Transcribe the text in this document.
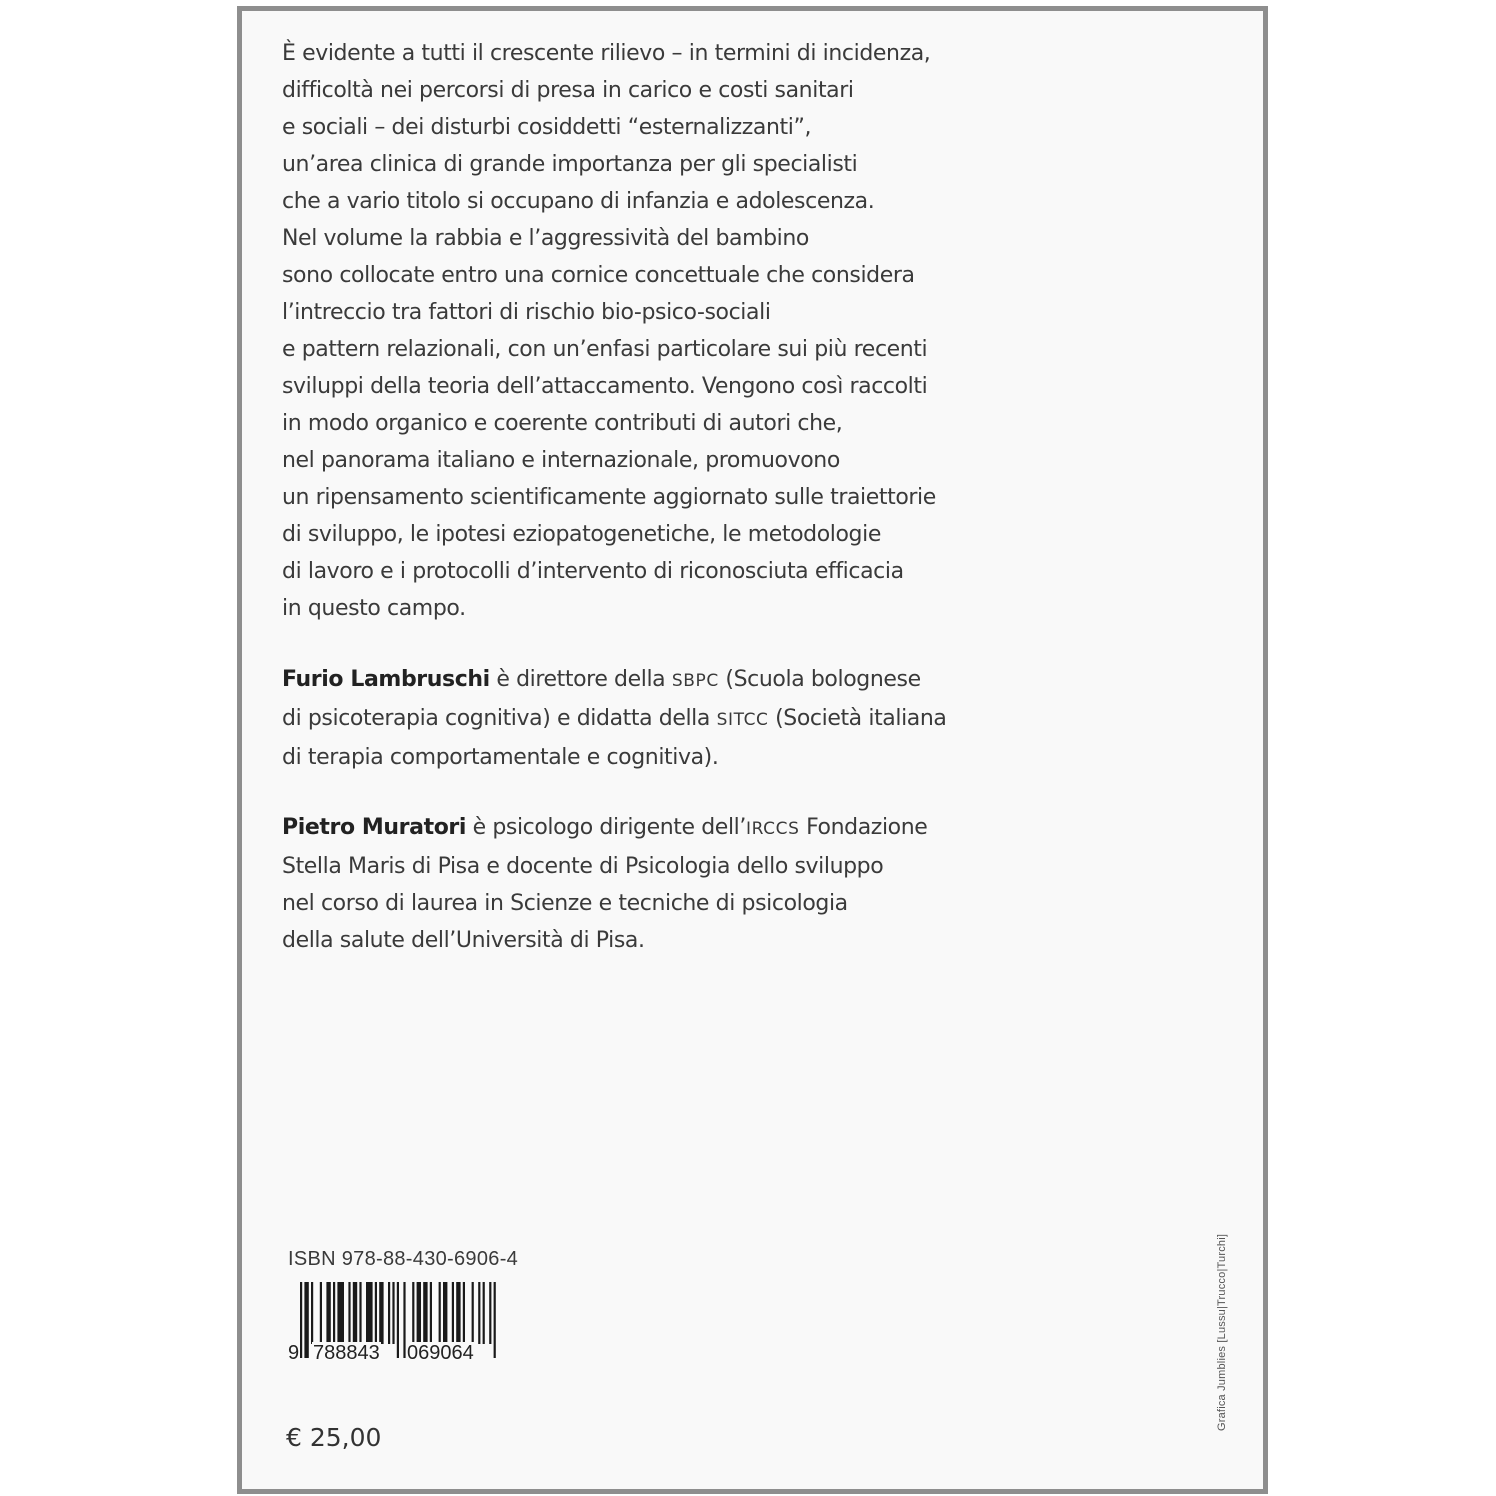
È evidente a tutti il crescente rilievo – in termini di incidenza,
difficoltà nei percorsi di presa in carico e costi sanitari
e sociali – dei disturbi cosiddetti “esternalizzanti”,
un’area clinica di grande importanza per gli specialisti
che a vario titolo si occupano di infanzia e adolescenza.
Nel volume la rabbia e l’aggressività del bambino
sono collocate entro una cornice concettuale che considera
l’intreccio tra fattori di rischio bio-psico-sociali
e pattern relazionali, con un’enfasi particolare sui più recenti
sviluppi della teoria dell’attaccamento. Vengono così raccolti
in modo organico e coerente contributi di autori che,
nel panorama italiano e internazionale, promuovono
un ripensamento scientificamente aggiornato sulle traiettorie
di sviluppo, le ipotesi eziopatogenetiche, le metodologie
di lavoro e i protocolli d’intervento di riconosciuta efficacia
in questo campo.
Furio Lambruschi è direttore della SBPC (Scuola bolognese
di psicoterapia cognitiva) e didatta della SITCC (Società italiana
di terapia comportamentale e cognitiva).
Pietro Muratori è psicologo dirigente dell’IRCCS Fondazione
Stella Maris di Pisa e docente di Psicologia dello sviluppo
nel corso di laurea in Scienze e tecniche di psicologia
della salute dell’Università di Pisa.
ISBN 978-88-430-6906-4
9 788843 069064
€ 25,00
Grafica Jumblies [Lussu|Trucco|Turchi]
